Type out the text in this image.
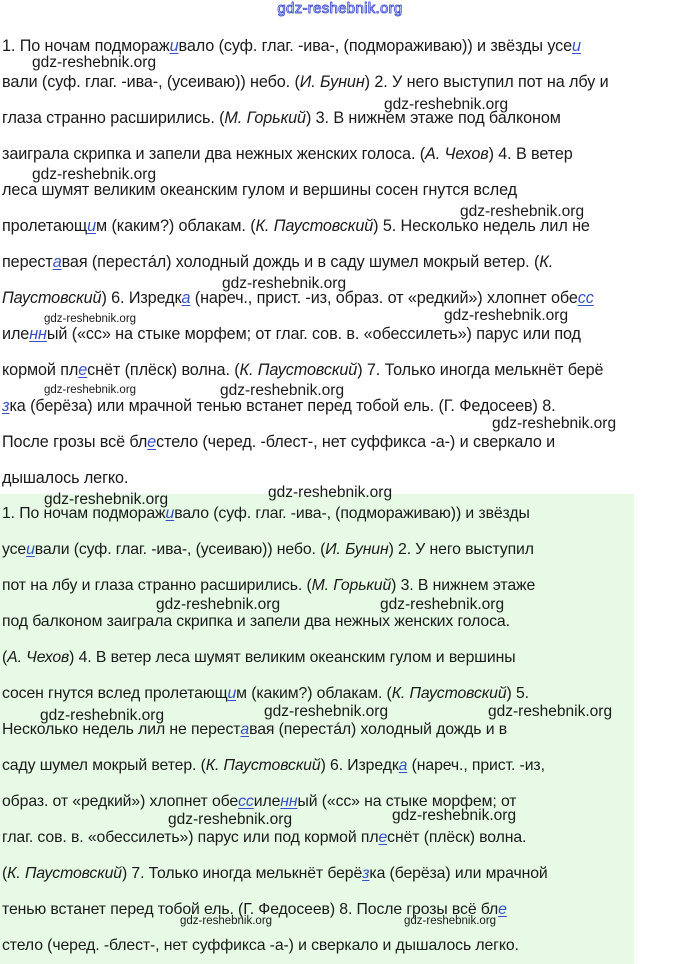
gdz-reshebnik.org
1. По ночам подмораживало (суф. глаг. -ива-, (подмораживаю)) и звёзды усеи
вали (суф. глаг. -ива-, (усеиваю)) небо. (И. Бунин) 2. У него выступил пот на лбу и
глаза странно расширились. (М. Горький) 3. В нижнем этаже под балконом
заиграла скрипка и запели два нежных женских голоса. (А. Чехов) 4. В ветер
леса шумят великим океанским гулом и вершины сосен гнутся вслед
пролетающим (каким?) облакам. (К. Паустовский) 5. Несколько недель лил не
переставая (перестáл) холодный дождь и в саду шумел мокрый ветер. (К.
Паустовский) 6. Изредка (нареч., прист. -из, образ. от «редкий») хлопнет обесс
иленный («сс» на стыке морфем; от глаг. сов. в. «обессилеть») парус или под
кормой плеснёт (плёск) волна. (К. Паустовский) 7. Только иногда мелькнёт берё
зка (берёза) или мрачной тенью встанет перед тобой ель. (Г. Федосеев) 8.
После грозы всё блестело (черед. -блест-, нет суффикса -а-) и сверкало и
дышалось легко.
1. По ночам подмораживало (суф. глаг. -ива-, (подмораживаю)) и звёзды
усеивали (суф. глаг. -ива-, (усеиваю)) небо. (И. Бунин) 2. У него выступил
пот на лбу и глаза странно расширились. (М. Горький) 3. В нижнем этаже
под балконом заиграла скрипка и запели два нежных женских голоса.
(А. Чехов) 4. В ветер леса шумят великим океанским гулом и вершины
сосен гнутся вслед пролетающим (каким?) облакам. (К. Паустовский) 5.
Несколько недель лил не переставая (перестáл) холодный дождь и в
саду шумел мокрый ветер. (К. Паустовский) 6. Изредка (нареч., прист. -из,
образ. от «редкий») хлопнет обессиленный («сс» на стыке морфем; от
глаг. сов. в. «обессилеть») парус или под кормой плеснёт (плёск) волна.
(К. Паустовский) 7. Только иногда мелькнёт берёзка (берёза) или мрачной
тенью встанет перед тобой ель. (Г. Федосеев) 8. После грозы всё бле
стело (черед. -блест-, нет суффикса -а-) и сверкало и дышалось легко.
gdz-reshebnik.org
gdz-reshebnik.org
gdz-reshebnik.org
gdz-reshebnik.org
gdz-reshebnik.org
gdz-reshebnik.org	gdz-reshebnik.org
gdz-reshebnik.org	gdz-reshebnik.org
gdz-reshebnik.org
gdz-reshebnik.org
gdz-reshebnik.org
gdz-reshebnik.org	gdz-reshebnik.org
gdz-reshebnik.org	gdz-reshebnik.org	gdz-reshebnik.org
gdz-reshebnik.org
gdz-reshebnik.org
gdz-reshebnik.org	gdz-reshebnik.org
